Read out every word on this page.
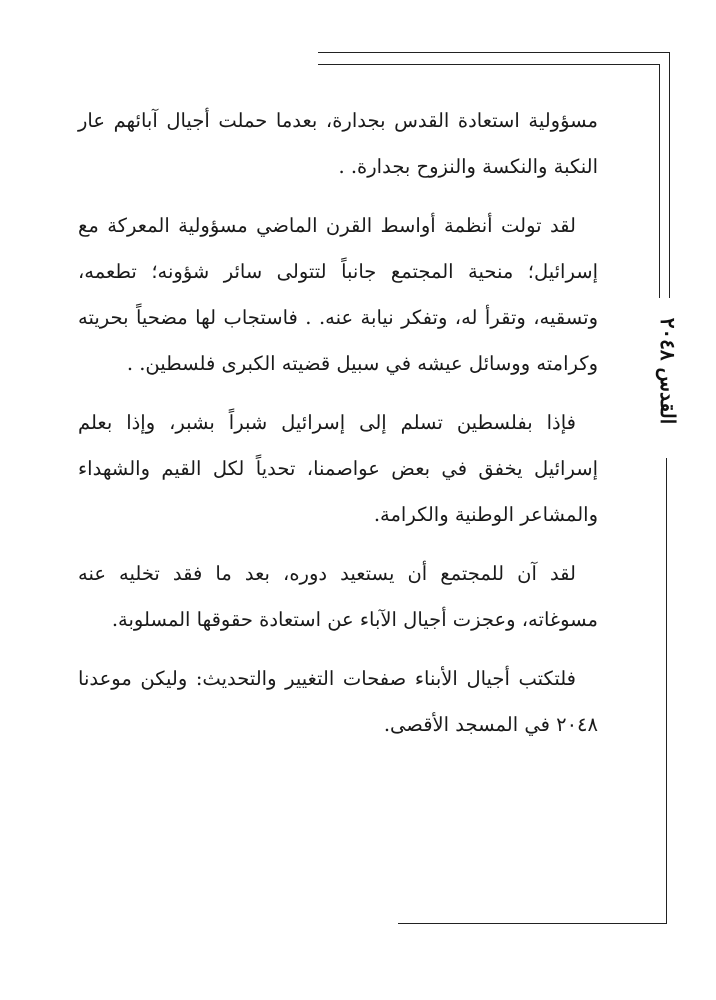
القدس ٢٠٤٨

مسؤولية استعادة القدس بجدارة، بعدما حملت أجيال آبائهم عار النكبة والنكسة والنزوح بجدارة. .

لقد تولت أنظمة أواسط القرن الماضي مسؤولية المعركة مع إسرائيل؛ منحية المجتمع جانباً لتتولى سائر شؤونه؛ تطعمه، وتسقيه، وتقرأ له، وتفكر نيابة عنه. . فاستجاب لها مضحياً بحريته وكرامته ووسائل عيشه في سبيل قضيته الكبرى فلسطين. .

فإذا بفلسطين تسلم إلى إسرائيل شبراً بشبر، وإذا بعلم إسرائيل يخفق في بعض عواصمنا، تحدياً لكل القيم والشهداء والمشاعر الوطنية والكرامة.

لقد آن للمجتمع أن يستعيد دوره، بعد ما فقد تخليه عنه مسوغاته، وعجزت أجيال الآباء عن استعادة حقوقها المسلوبة.

فلتكتب أجيال الأبناء صفحات التغيير والتحديث: وليكن موعدنا ٢٠٤٨ في المسجد الأقصى.
